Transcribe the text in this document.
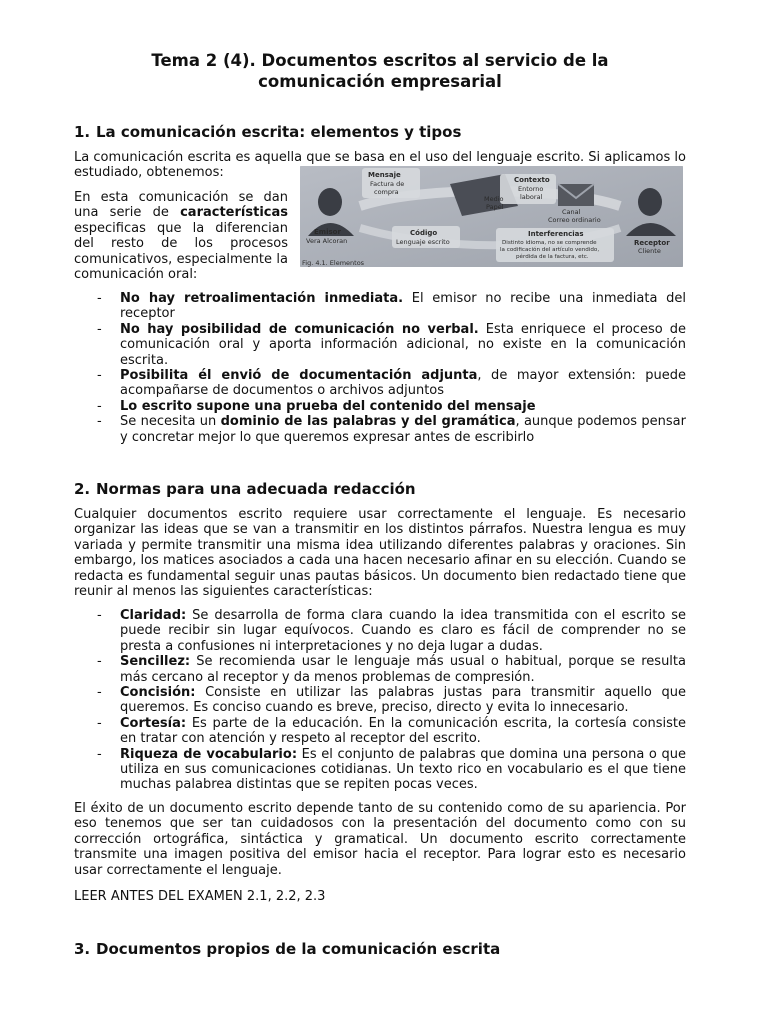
Tema 2 (4). Documentos escritos al servicio de la
comunicación empresarial
1. La comunicación escrita: elementos y tipos
La comunicación escrita es aquella que se basa en el uso del lenguaje escrito. Si aplicamos lo estudiado, obtenemos:
En esta comunicación se dan una serie de características especificas que la diferencian del resto de los procesos comunicativos, especialmente la comunicación oral:
Mensaje
Factura de
compra
Contexto
Entorno
laboral
Medio
Papel
Canal
Correo ordinario
Emisor
Vera Alcoran
Código
Lenguaje escrito
Interferencias
Distinto idioma, no se comprende
la codificación del artículo vendido,
pérdida de la factura, etc.
Receptor
Cliente
Fig. 4.1. Elementos
- No hay retroalimentación inmediata. El emisor no recibe una inmediata del receptor
- No hay posibilidad de comunicación no verbal. Esta enriquece el proceso de comunicación oral y aporta información adicional, no existe en la comunicación escrita.
- Posibilita él envió de documentación adjunta, de mayor extensión: puede acompañarse de documentos o archivos adjuntos
- Lo escrito supone una prueba del contenido del mensaje
- Se necesita un dominio de las palabras y del gramática, aunque podemos pensar y concretar mejor lo que queremos expresar antes de escribirlo
2. Normas para una adecuada redacción
Cualquier documentos escrito requiere usar correctamente el lenguaje. Es necesario organizar las ideas que se van a transmitir en los distintos párrafos. Nuestra lengua es muy variada y permite transmitir una misma idea utilizando diferentes palabras y oraciones. Sin embargo, los matices asociados a cada una hacen necesario afinar en su elección. Cuando se redacta es fundamental seguir unas pautas básicos. Un documento bien redactado tiene que reunir al menos las siguientes características:
- Claridad: Se desarrolla de forma clara cuando la idea transmitida con el escrito se puede recibir sin lugar equívocos. Cuando es claro es fácil de comprender no se presta a confusiones ni interpretaciones y no deja lugar a dudas.
- Sencillez: Se recomienda usar le lenguaje más usual o habitual, porque se resulta más cercano al receptor y da menos problemas de compresión.
- Concisión: Consiste en utilizar las palabras justas para transmitir aquello que queremos. Es conciso cuando es breve, preciso, directo y evita lo innecesario.
- Cortesía: Es parte de la educación. En la comunicación escrita, la cortesía consiste en tratar con atención y respeto al receptor del escrito.
- Riqueza de vocabulario: Es el conjunto de palabras que domina una persona o que utiliza en sus comunicaciones cotidianas. Un texto rico en vocabulario es el que tiene muchas palabrea distintas que se repiten pocas veces.
El éxito de un documento escrito depende tanto de su contenido como de su apariencia. Por eso tenemos que ser tan cuidadosos con la presentación del documento como con su corrección ortográfica, sintáctica y gramatical. Un documento escrito correctamente transmite una imagen positiva del emisor hacia el receptor. Para lograr esto es necesario usar correctamente el lenguaje.
LEER ANTES DEL EXAMEN 2.1, 2.2, 2.3
3. Documentos propios de la comunicación escrita
